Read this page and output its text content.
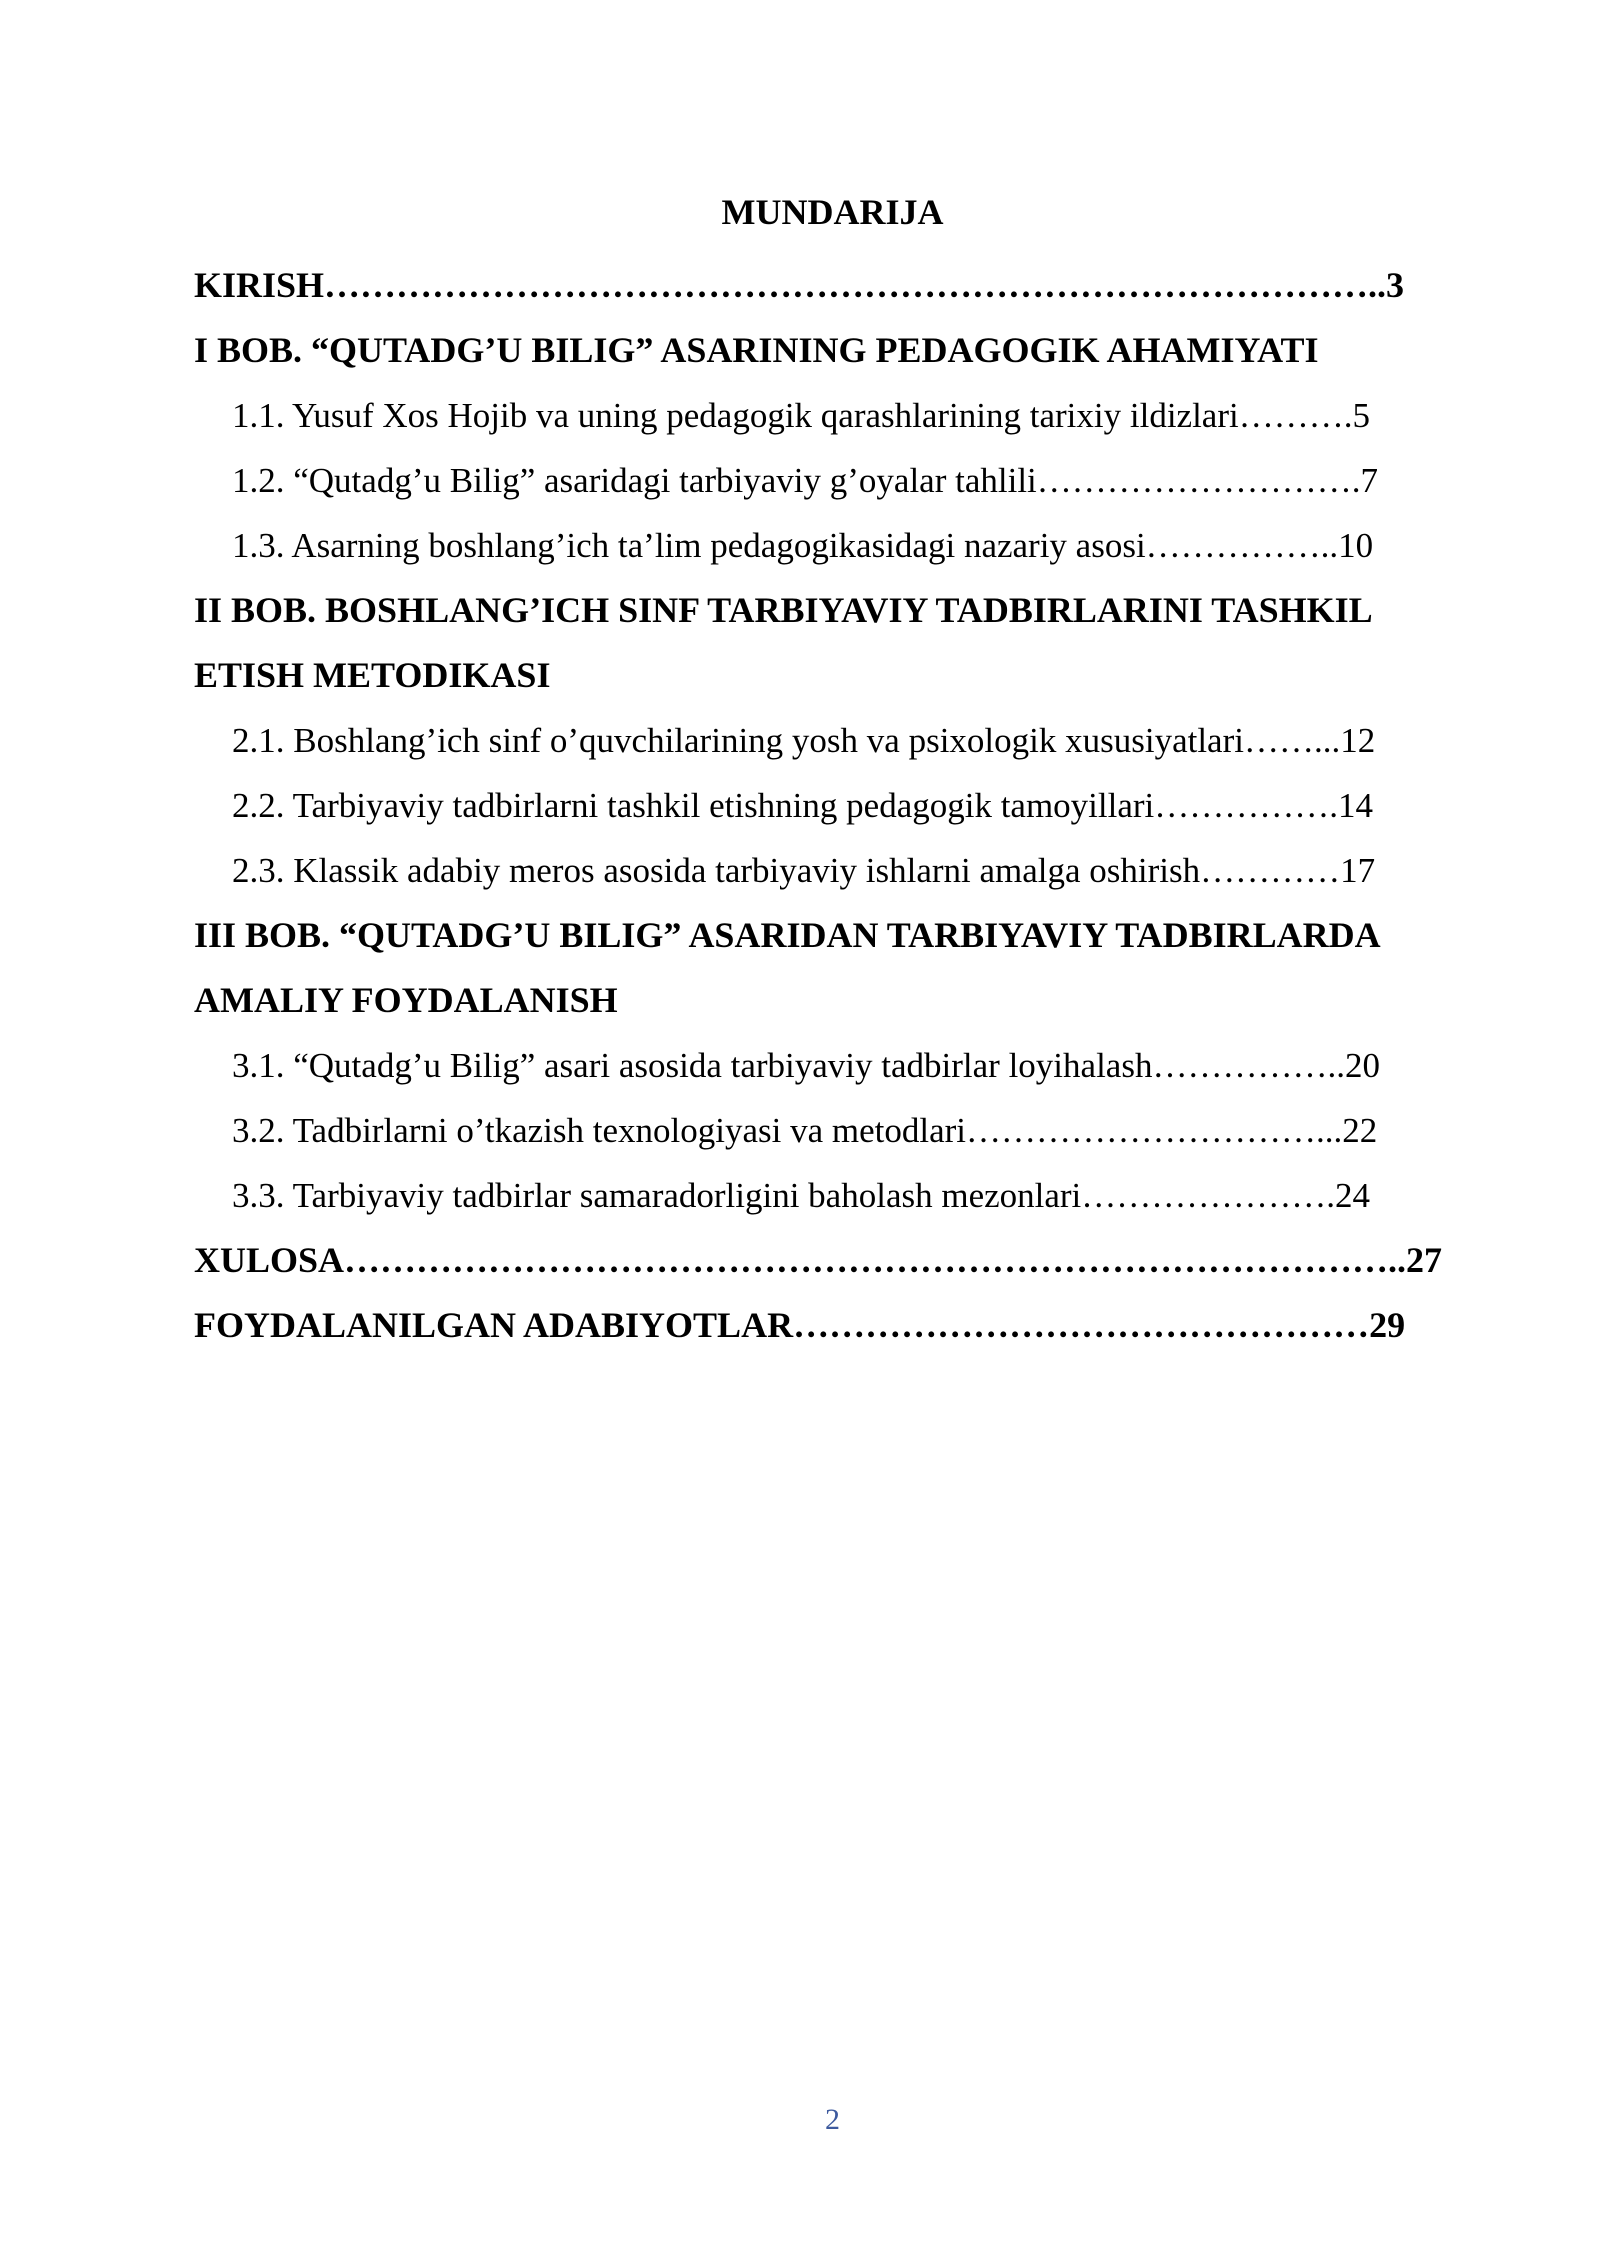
MUNDARIJA
KIRISH……………………………………………………………………………..3
I BOB. “QUTADG’U BILIG” ASARINING PEDAGOGIK AHAMIYATI
1.1. Yusuf Xos Hojib va uning pedagogik qarashlarining tarixiy ildizlari……….5
1.2. “Qutadg’u Bilig” asaridagi tarbiyaviy g’oyalar tahlili……………………….7
1.3. Asarning boshlang’ich ta’lim pedagogikasidagi nazariy asosi……………..10
II BOB. BOSHLANG’ICH SINF TARBIYAVIY TADBIRLARINI TASHKIL
ETISH METODIKASI
2.1. Boshlang’ich sinf o’quvchilarining yosh va psixologik xususiyatlari……...12
2.2. Tarbiyaviy tadbirlarni tashkil etishning pedagogik tamoyillari…………….14
2.3. Klassik adabiy meros asosida tarbiyaviy ishlarni amalga oshirish…………17
III BOB. “QUTADG’U BILIG” ASARIDAN TARBIYAVIY TADBIRLARDA
AMALIY FOYDALANISH
3.1. “Qutadg’u Bilig” asari asosida tarbiyaviy tadbirlar loyihalash……………..20
3.2. Tadbirlarni o’tkazish texnologiyasi va metodlari…………………………...22
3.3. Tarbiyaviy tadbirlar samaradorligini baholash mezonlari………………….24
XULOSA……………………………………………………………………………..27
FOYDALANILGAN ADABIYOTLAR…………………………………………29
2
